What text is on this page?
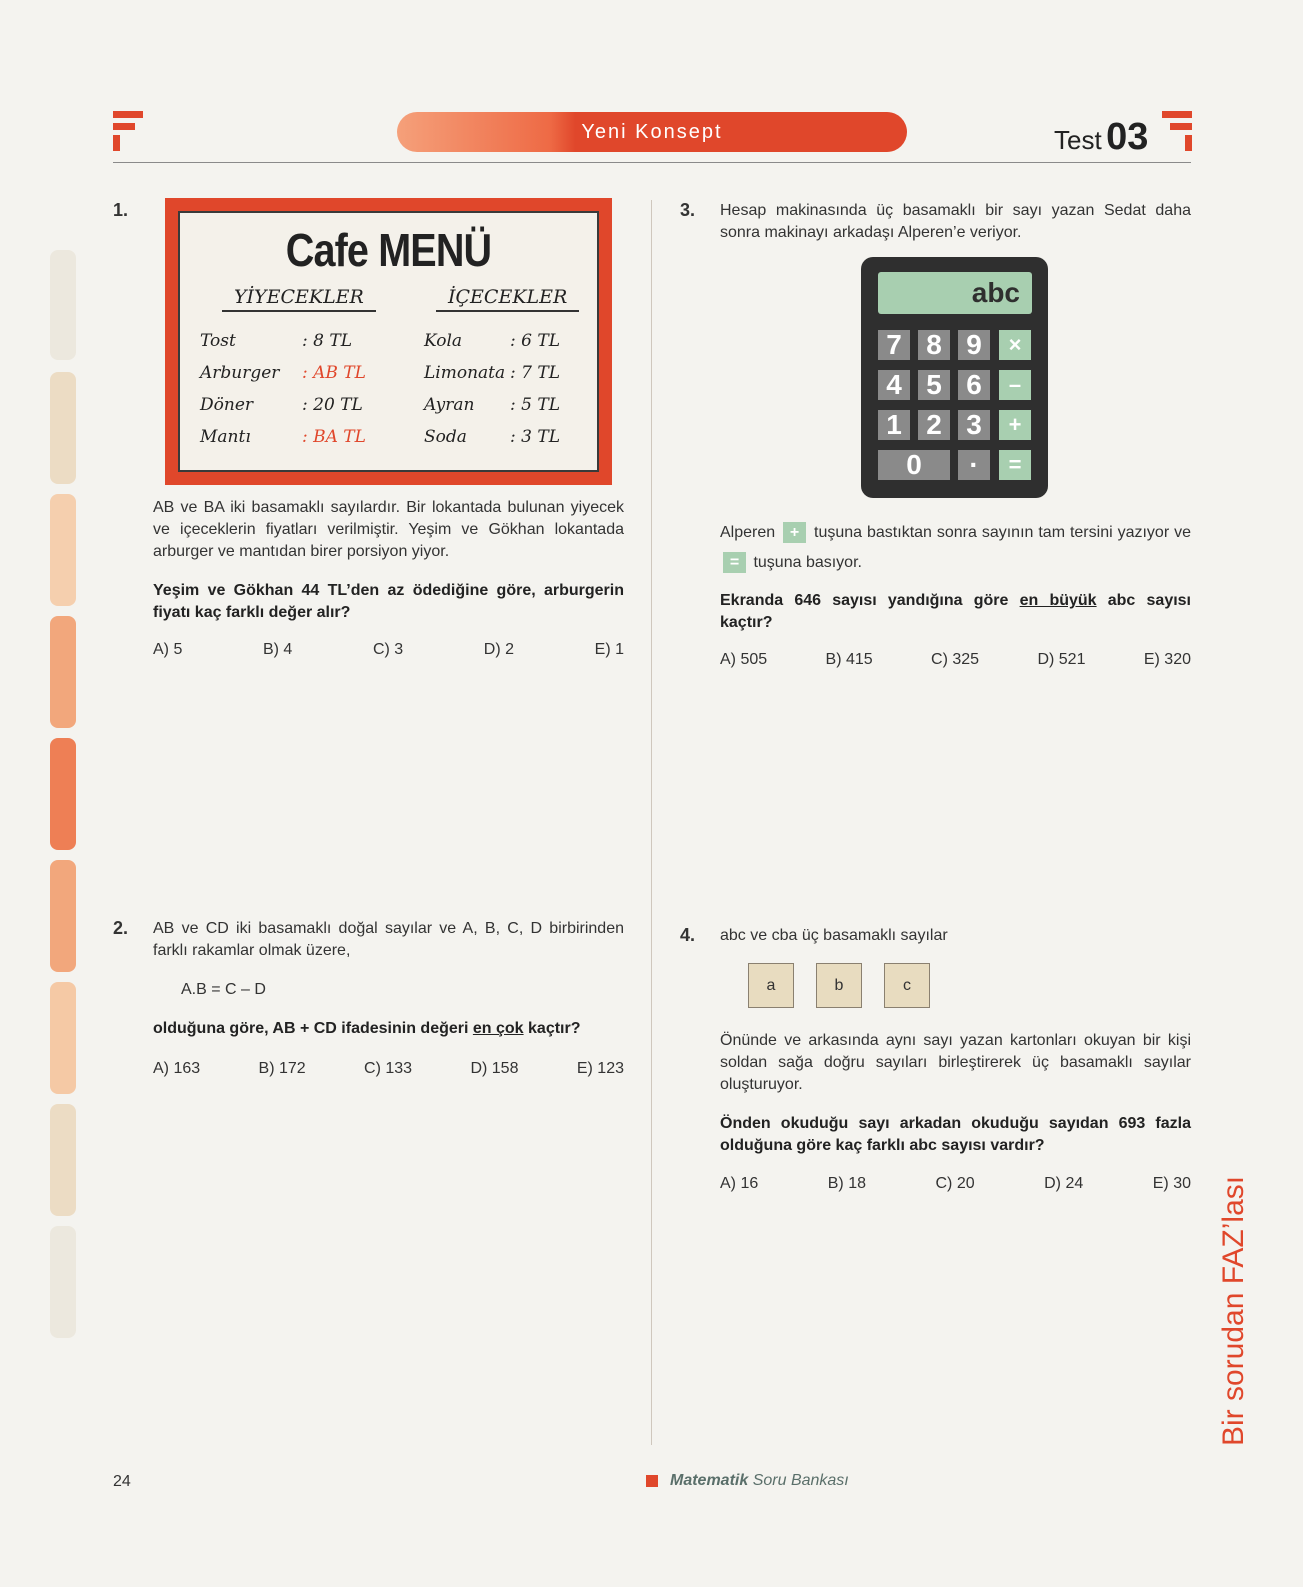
Yeni Konsept	Test 03
1.
Cafe MENÜ
YİYECEKLER	İÇECEKLER
Tost	: 8 TL
Arburger : AB TL
Döner	: 20 TL
Mantı	: BA TL
Kola	: 6 TL
Limonata : 7 TL
Ayran : 5 TL
Soda	: 3 TL
AB ve BA iki basamaklı sayılardır. Bir lokantada bulunan yiyecek ve içeceklerin fiyatları verilmiştir. Yeşim ve Gökhan lokantada arburger ve mantıdan birer porsiyon yiyor.
Yeşim ve Gökhan 44 TL’den az ödediğine göre, arburgerin fiyatı kaç farklı değer alır?
A) 5	B) 4	C) 3	D) 2	E) 1
2. AB ve CD iki basamaklı doğal sayılar ve A, B, C, D birbirinden farklı rakamlar olmak üzere,
A.B = C – D
olduğuna göre, AB + CD ifadesinin değeri en çok kaçtır?
A) 163	B) 172	C) 133	D) 158	E) 123
3. Hesap makinasında üç basamaklı bir sayı yazan Sedat daha sonra makinayı arkadaşı Alperen’e veriyor.
abc
7 8 9	×
4 5 6	–
1 2 3	+
0	·	=
Alperen + tuşuna bastıktan sonra sayının tam tersini yazıyor ve = tuşuna basıyor.
Ekranda 646 sayısı yandığına göre en büyük abc sayısı kaçtır?
A) 505	B) 415	C) 325	D) 521	E) 320
4. abc ve cba üç basamaklı sayılar
a	b	c
Önünde ve arkasında aynı sayı yazan kartonları okuyan bir kişi soldan sağa doğru sayıları birleştirerek üç basamaklı sayılar oluşturuyor.
Önden okuduğu sayı arkadan okuduğu sayıdan 693 fazla olduğuna göre kaç farklı abc sayısı vardır?
A) 16	B) 18	C) 20	D) 24	E) 30
24	Matematik Soru Bankası
Bir sorudan FAZ’lası
